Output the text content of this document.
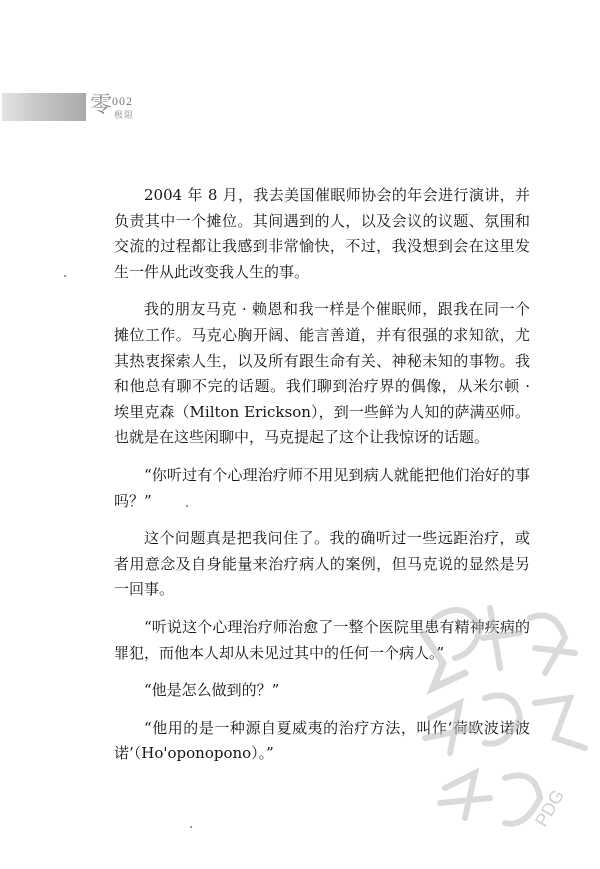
零 002
极限

2004 年 8 月，我去美国催眠师协会的年会进行演讲，并负责其中一个摊位。其间遇到的人，以及会议的议题、氛围和交流的过程都让我感到非常愉快，不过，我没想到会在这里发生一件从此改变我人生的事。

我的朋友马克 · 赖恩和我一样是个催眠师，跟我在同一个摊位工作。马克心胸开阔、能言善道，并有很强的求知欲，尤其热衷探索人生，以及所有跟生命有关、神秘未知的事物。我和他总有聊不完的话题。我们聊到治疗界的偶像，从米尔顿 · 埃里克森（Milton Erickson），到一些鲜为人知的萨满巫师。也就是在这些闲聊中，马克提起了这个让我惊讶的话题。

“你听过有个心理治疗师不用见到病人就能把他们治好的事吗？”

这个问题真是把我问住了。我的确听过一些远距治疗，或者用意念及自身能量来治疗病人的案例，但马克说的显然是另一回事。

“听说这个心理治疗师治愈了一整个医院里患有精神疾病的罪犯，而他本人却从未见过其中的任何一个病人。”

“他是怎么做到的？”

“他用的是一种源自夏威夷的治疗方法，叫作‘荷欧波诺波诺’（Ho'oponopono）。”

PDG
